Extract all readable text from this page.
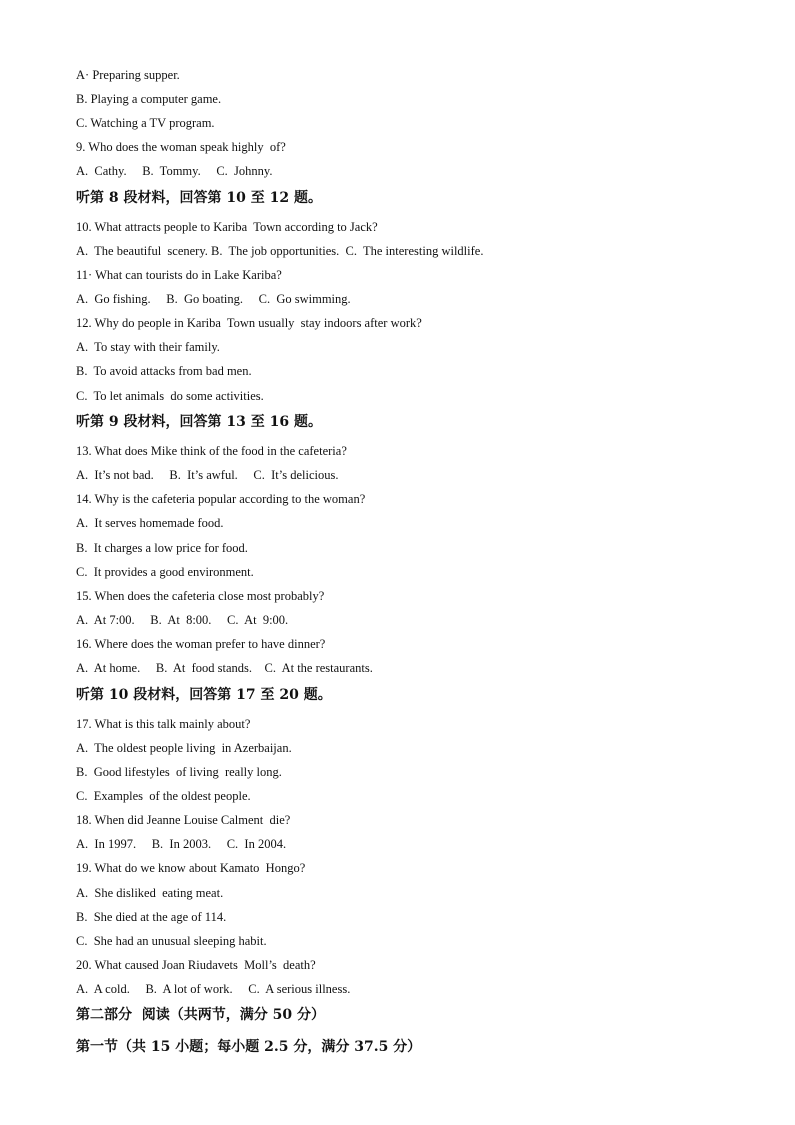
A· Preparing supper.
B. Playing a computer game.
C. Watching a TV program.
9. Who does the woman speak highly  of?
A.  Cathy.     B.  Tommy.     C.  Johnny.
听第 8 段材料，回答第 10 至 12 题。
10. What attracts people to Kariba  Town according to Jack?
A.  The beautiful  scenery. B.  The job opportunities.  C.  The interesting wildlife.
11· What can tourists do in Lake Kariba?
A.  Go fishing.     B.  Go boating.     C.  Go swimming.
12. Why do people in Kariba  Town usually  stay indoors after work?
A.  To stay with their family.
B.  To avoid attacks from bad men.
C.  To let animals  do some activities.
听第 9 段材料，回答第 13 至 16 题。
13. What does Mike think of the food in the cafeteria?
A.  It’s not bad.     B.  It’s awful.     C.  It’s delicious.
14. Why is the cafeteria popular according to the woman?
A.  It serves homemade food.
B.  It charges a low price for food.
C.  It provides a good environment.
15. When does the cafeteria close most probably?
A.  At 7:00.     B.  At  8:00.     C.  At  9:00.
16. Where does the woman prefer to have dinner?
A.  At home.     B.  At  food stands.    C.  At the restaurants.
听第 10 段材料，回答第 17 至 20 题。
17. What is this talk mainly about?
A.  The oldest people living  in Azerbaijan.
B.  Good lifestyles  of living  really long.
C.  Examples  of the oldest people.
18. When did Jeanne Louise Calment  die?
A.  In 1997.     B.  In 2003.     C.  In 2004.
19. What do we know about Kamato  Hongo?
A.  She disliked  eating meat.
B.  She died at the age of 114.
C.  She had an unusual sleeping habit.
20. What caused Joan Riudavets  Moll’s  death?
A.  A cold.     B.  A lot of work.     C.  A serious illness.
第二部分  阅读（共两节，满分 50 分）
第一节（共 15 小题；每小题 2.5 分，满分 37.5 分）
